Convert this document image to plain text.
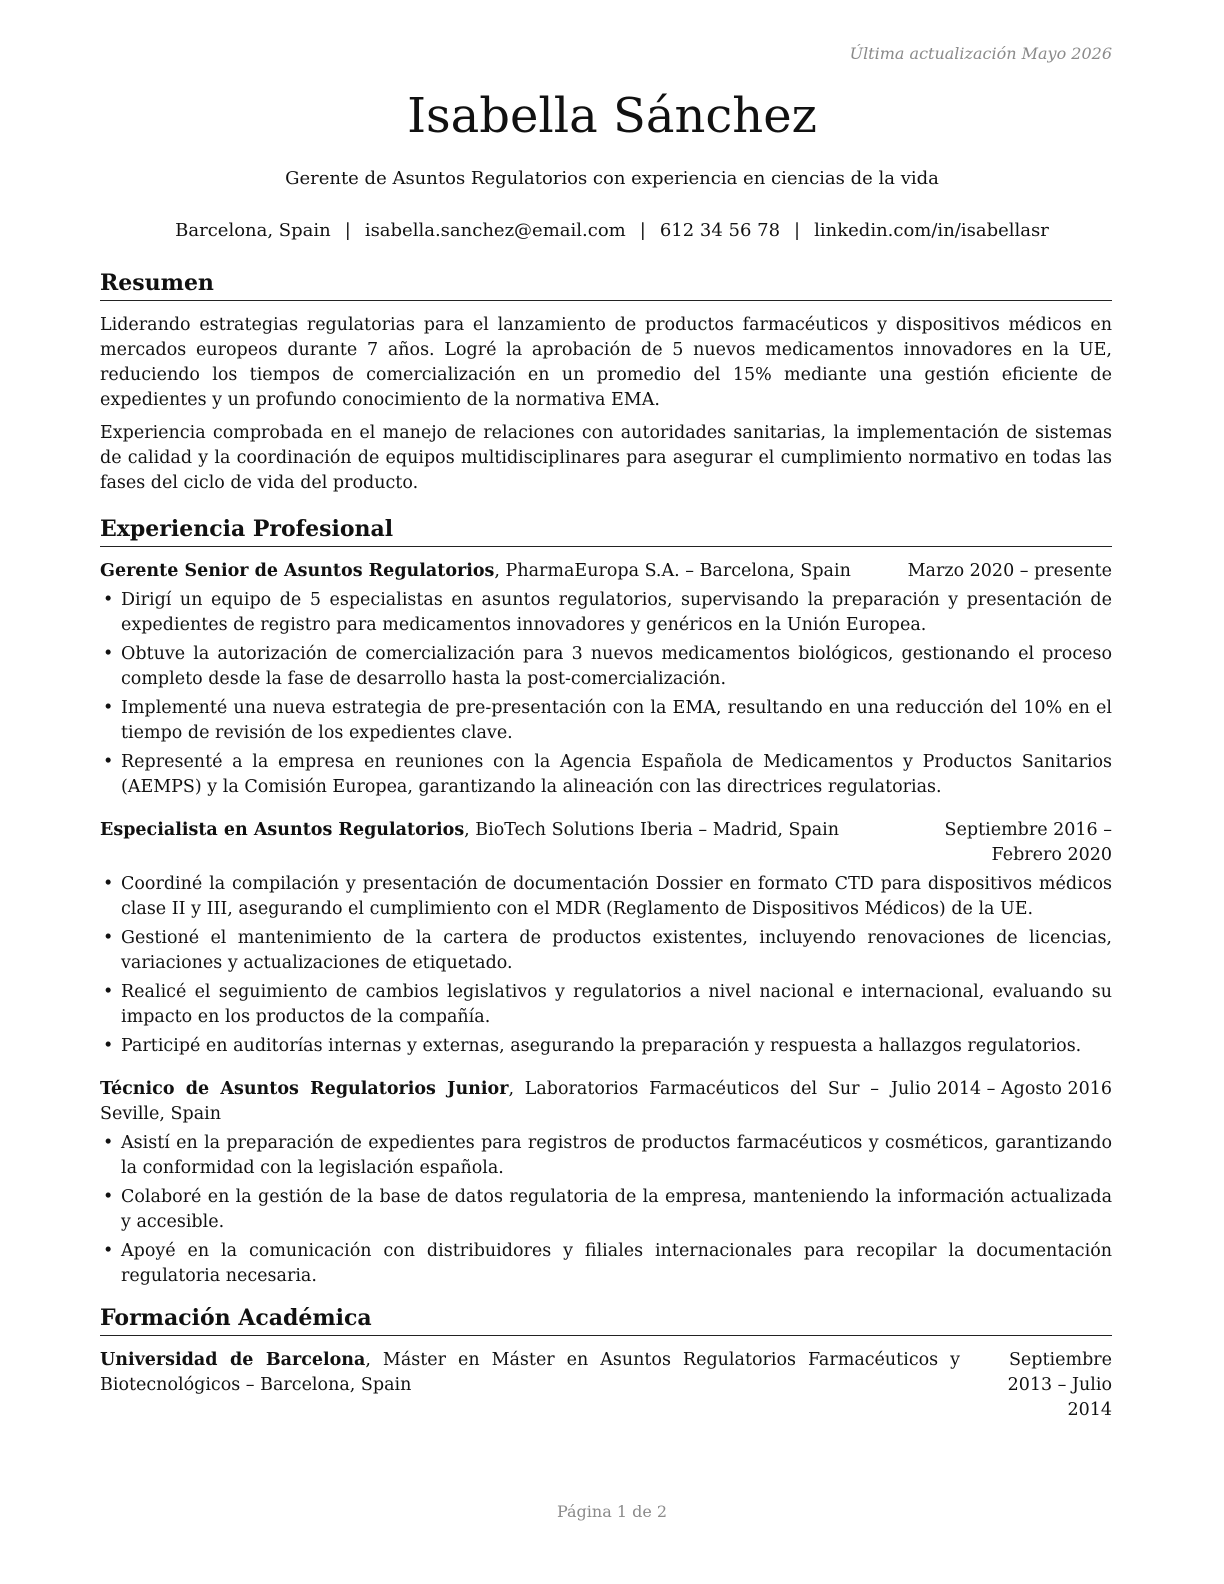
Última actualización Mayo 2026
Isabella Sánchez
Gerente de Asuntos Regulatorios con experiencia en ciencias de la vida
Barcelona, Spain | isabella.sanchez@email.com | 612 34 56 78 | linkedin.com/in/isabellasr
Resumen

Liderando estrategias regulatorias para el lanzamiento de productos farmacéuticos y dispositivos médicos en mercados europeos durante 7 años. Logré la aprobación de 5 nuevos medicamentos innovadores en la UE, reduciendo los tiempos de comercialización en un promedio del 15% mediante una gestión eficiente de expedientes y un profundo conocimiento de la normativa EMA.

Experiencia comprobada en el manejo de relaciones con autoridades sanitarias, la implementación de sistemas de calidad y la coordinación de equipos multidisciplinares para asegurar el cumplimiento normativo en todas las fases del ciclo de vida del producto.

Experiencia Profesional
Gerente Senior de Asuntos Regulatorios, PharmaEuropa S.A. – Barcelona, Spain	Marzo 2020 – presente
• Dirigí un equipo de 5 especialistas en asuntos regulatorios, supervisando la preparación y presentación de expedientes de registro para medicamentos innovadores y genéricos en la Unión Europea.
• Obtuve la autorización de comercialización para 3 nuevos medicamentos biológicos, gestionando el proceso completo desde la fase de desarrollo hasta la post-comercialización.
• Implementé una nueva estrategia de pre-presentación con la EMA, resultando en una reducción del 10% en el tiempo de revisión de los expedientes clave.
• Representé a la empresa en reuniones con la Agencia Española de Medicamentos y Productos Sanitarios (AEMPS) y la Comisión Europea, garantizando la alineación con las directrices regulatorias.
Especialista en Asuntos Regulatorios, BioTech Solutions Iberia – Madrid, Spain	Septiembre 2016 – Febrero 2020
• Coordiné la compilación y presentación de documentación Dossier en formato CTD para dispositivos médicos clase II y III, asegurando el cumplimiento con el MDR (Reglamento de Dispositivos Médicos) de la UE.
• Gestioné el mantenimiento de la cartera de productos existentes, incluyendo renovaciones de licencias, variaciones y actualizaciones de etiquetado.
• Realicé el seguimiento de cambios legislativos y regulatorios a nivel nacional e internacional, evaluando su impacto en los productos de la compañía.
• Participé en auditorías internas y externas, asegurando la preparación y respuesta a hallazgos regulatorios.
Técnico de Asuntos Regulatorios Junior, Laboratorios Farmacéuticos del Sur – Seville, Spain
Julio 2014 – Agosto 2016
• Asistí en la preparación de expedientes para registros de productos farmacéuticos y cosméticos, garantizando la conformidad con la legislación española.
• Colaboré en la gestión de la base de datos regulatoria de la empresa, manteniendo la información actualizada y accesible.
• Apoyé en la comunicación con distribuidores y filiales internacionales para recopilar la documentación regulatoria necesaria.
Formación Académica
Universidad de Barcelona, Máster en Máster en Asuntos Regulatorios Farmacéuticos y Biotecnológicos – Barcelona, Spain
Septiembre 2013 – Julio 2014
Página 1 de 2
